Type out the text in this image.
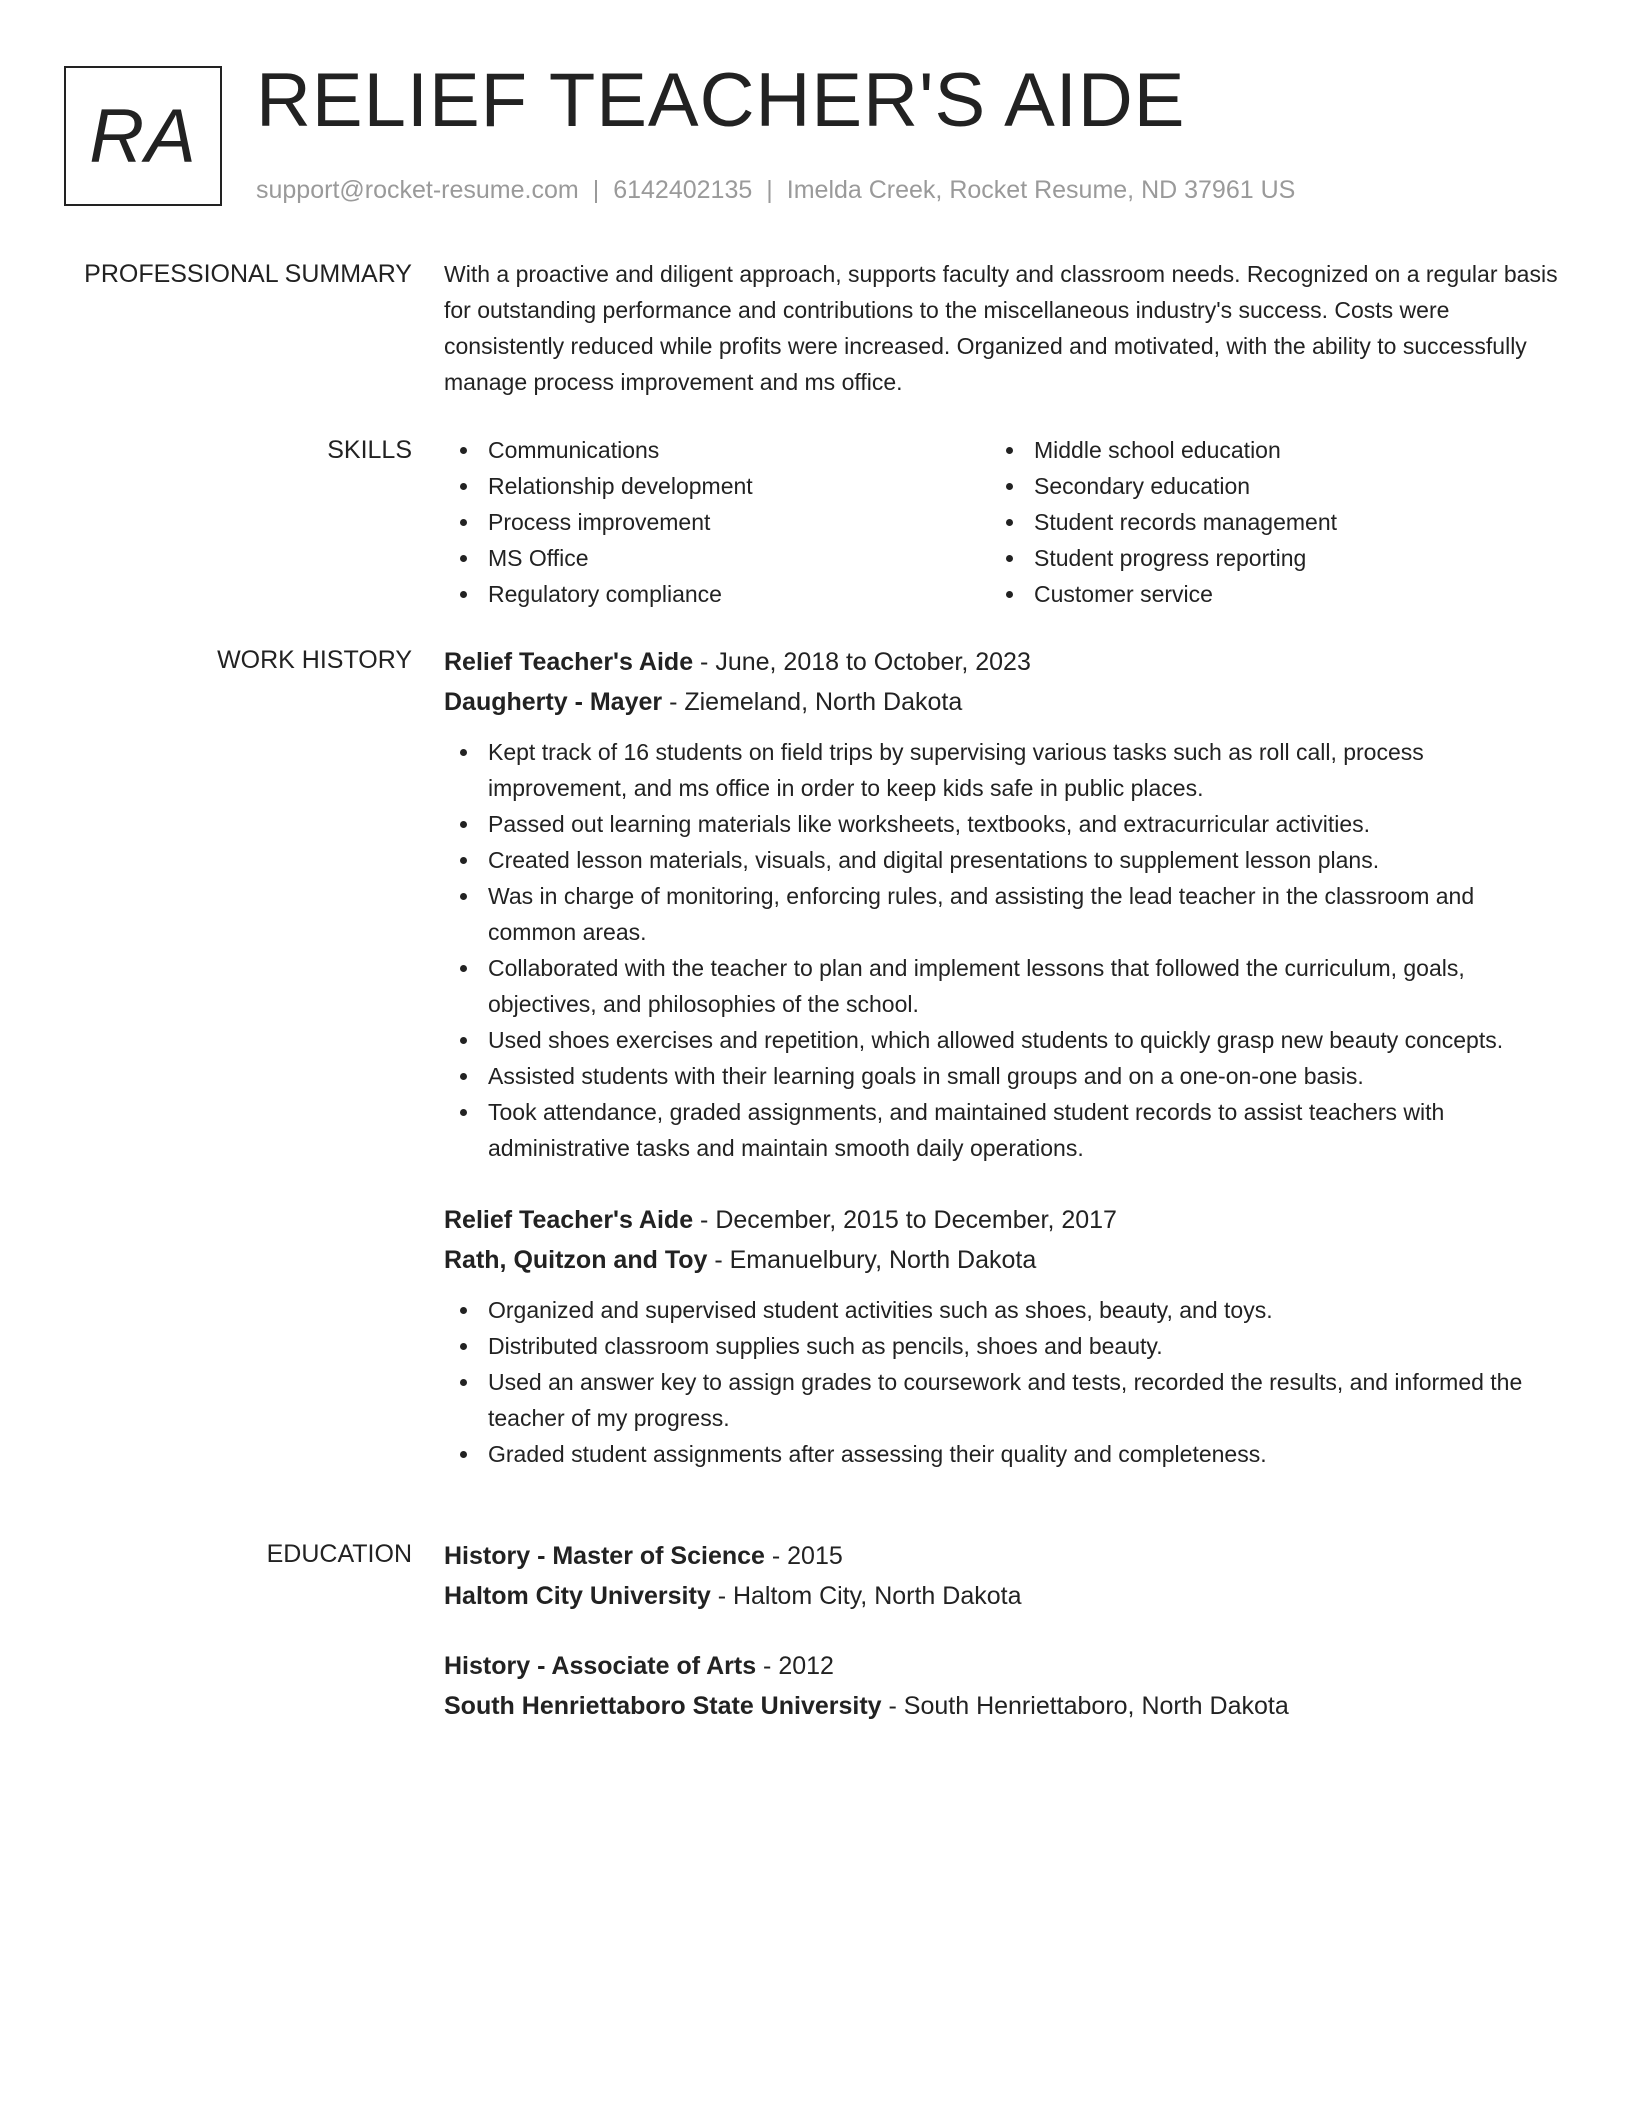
RA RELIEF TEACHER'S AIDE
support@rocket-resume.com | 6142402135 | Imelda Creek, Rocket Resume, ND 37961 US
PROFESSIONAL SUMMARY With a proactive and diligent approach, supports faculty and classroom needs. Recognized on a regular basis for outstanding performance and contributions to the miscellaneous industry's success. Costs were consistently reduced while profits were increased. Organized and motivated, with the ability to successfully manage process improvement and ms office.

SKILLS	Communications
Relationship development
Process improvement
MS Office
Regulatory compliance
Middle school education
Secondary education
Student records management
Student progress reporting
Customer service
WORK HISTORY Relief Teacher's Aide - June, 2018 to October, 2023

Daugherty - Mayer - Ziemeland, North Dakota

Kept track of 16 students on field trips by supervising various tasks such as roll call, process improvement, and ms office in order to keep kids safe in public places.
Passed out learning materials like worksheets, textbooks, and extracurricular activities.
Created lesson materials, visuals, and digital presentations to supplement lesson plans.
Was in charge of monitoring, enforcing rules, and assisting the lead teacher in the classroom and common areas.
Collaborated with the teacher to plan and implement lessons that followed the curriculum, goals, objectives, and philosophies of the school.
Used shoes exercises and repetition, which allowed students to quickly grasp new beauty concepts.
Assisted students with their learning goals in small groups and on a one-on-one basis.
Took attendance, graded assignments, and maintained student records to assist teachers with administrative tasks and maintain smooth daily operations.

Relief Teacher's Aide - December, 2015 to December, 2017

Rath, Quitzon and Toy - Emanuelbury, North Dakota

Organized and supervised student activities such as shoes, beauty, and toys.
Distributed classroom supplies such as pencils, shoes and beauty.
Used an answer key to assign grades to coursework and tests, recorded the results, and informed the teacher of my progress.
Graded student assignments after assessing their quality and completeness.
EDUCATION History - Master of Science - 2015

Haltom City University - Haltom City, North Dakota

History - Associate of Arts - 2012

South Henriettaboro State University - South Henriettaboro, North Dakota
